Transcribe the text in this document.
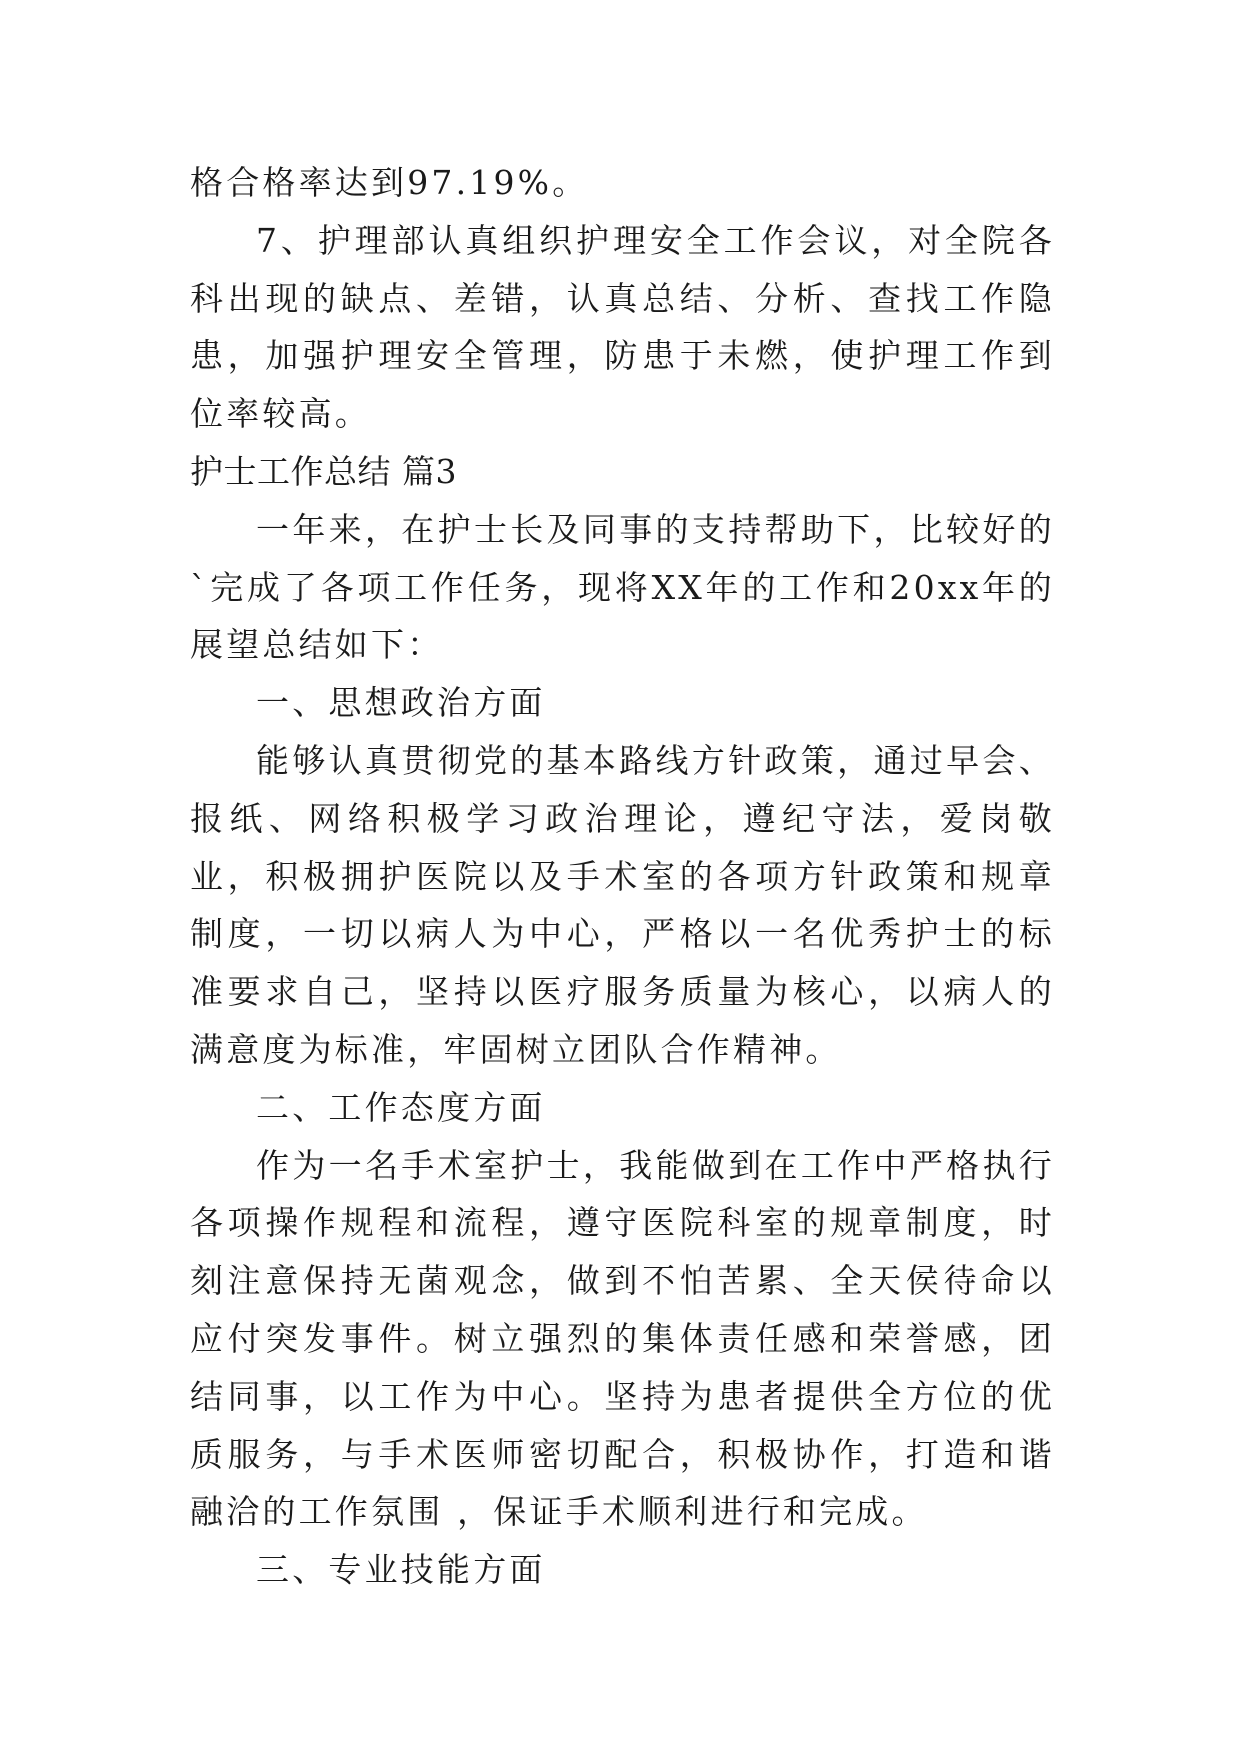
格合格率达到97.19%。

7、护理部认真组织护理安全工作会议，对全院各科出现的缺点、差错，认真总结、分析、查找工作隐患，加强护理安全管理，防患于未燃，使护理工作到位率较高。

护士工作总结 篇3

一年来，在护士长及同事的支持帮助下，比较好的`完成了各项工作任务，现将XX年的工作和20xx年的展望总结如下：

一、思想政治方面

能够认真贯彻党的基本路线方针政策，通过早会、报纸、网络积极学习政治理论，遵纪守法，爱岗敬业，积极拥护医院以及手术室的各项方针政策和规章制度，一切以病人为中心，严格以一名优秀护士的标准要求自己，坚持以医疗服务质量为核心，以病人的满意度为标准，牢固树立团队合作精神。

二、工作态度方面

作为一名手术室护士，我能做到在工作中严格执行各项操作规程和流程，遵守医院科室的规章制度，时刻注意保持无菌观念，做到不怕苦累、全天侯待命以应付突发事件。树立强烈的集体责任感和荣誉感，团结同事，以工作为中心。坚持为患者提供全方位的优质服务，与手术医师密切配合，积极协作，打造和谐融洽的工作氛围 ，保证手术顺利进行和完成。

三、专业技能方面
